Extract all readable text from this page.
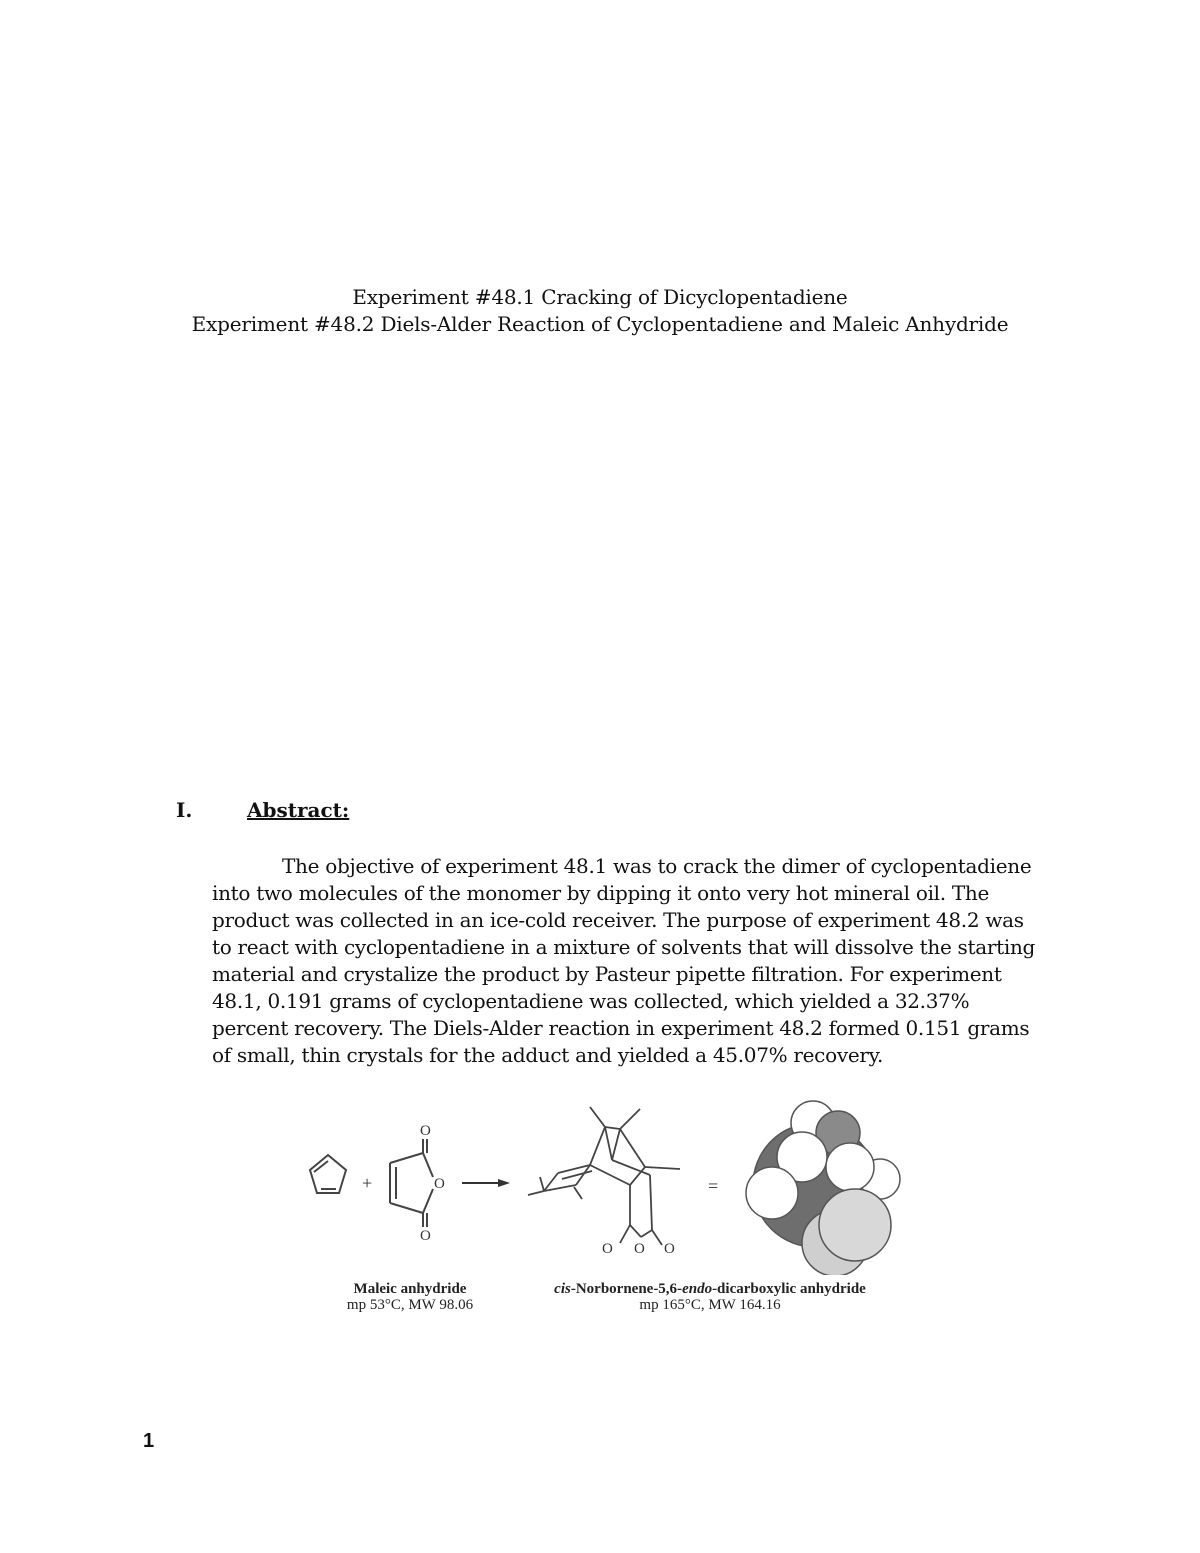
Experiment #48.1 Cracking of Dicyclopentadiene
Experiment #48.2 Diels-Alder Reaction of Cyclopentadiene and Maleic Anhydride
I.	Abstract:

The objective of experiment 48.1 was to crack the dimer of cyclopentadiene into two molecules of the monomer by dipping it onto very hot mineral oil. The product was collected in an ice-cold receiver. The purpose of experiment 48.2 was to react with cyclopentadiene in a mixture of solvents that will dissolve the starting material and crystalize the product by Pasteur pipette filtration. For experiment 48.1, 0.191 grams of cyclopentadiene was collected, which yielded a 32.37% percent recovery. The Diels-Alder reaction in experiment 48.2 formed 0.151 grams of small, thin crystals for the adduct and yielded a 45.07% recovery.

+
O
O
O
O O O
=
Maleic anhydride
mp 53°C, MW 98.06
cis-Norbornene-5,6-endo-dicarboxylic anhydride
mp 165°C, MW 164.16
1
